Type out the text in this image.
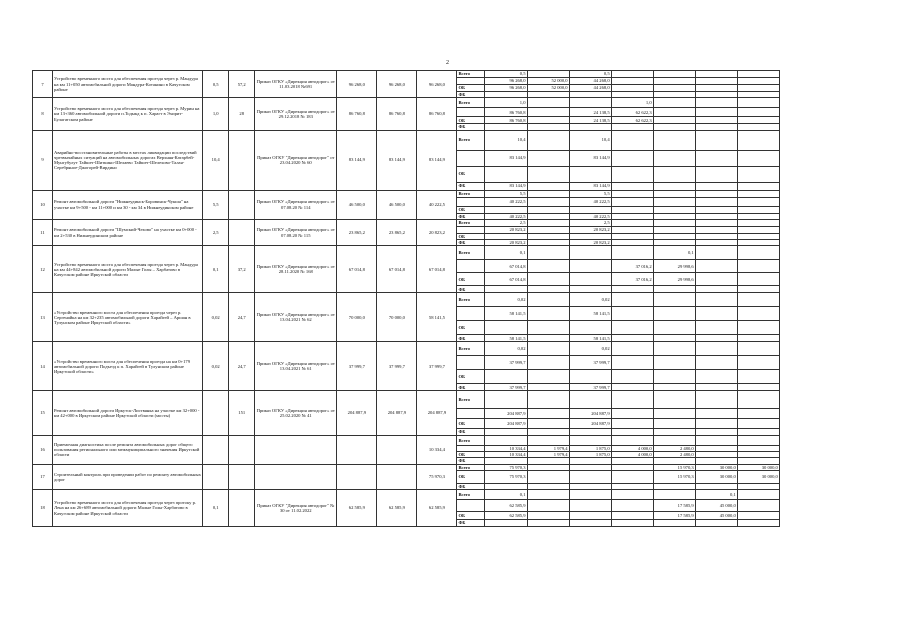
2
7	Устройство временного моста для обеспечения проезда через р. Мандура на км 11+050 автомобильной дороги Мандура-Котанино в Качугском районе	0,5	57,2	Приказ ОГКУ «Дирекция автодорог» от 11.03.2018 №691	96 268,0	96 268,0	96 268,0	Всего	0,5		0,5				
									96 268,0	52 000,0	44 268,0				
								ОБ	96 268,0	52 000,0	44 268,0				
								ФБ							
8	Устройство временного моста для обеспечения проезда через р. Мурин на км 13+360 автомобильной дороги п.Тодыкд к п. Харагт в Эхирит-Булагатском районе	1,0	28	Приказ ОГКУ «Дирекция автодорог» от 29.12.2018 № 183	86 760,8	86 760,8	86 760,8	Всего	1,0			1,0			
									86 760,8		24 138,5	62 622,3			
								ОБ	86 760,8		24 138,5	62 622,3			
								ФБ							
9	Аварийно-восстановительные работы в местах ликвидации последствий чрезвычайных ситуаций на автомобильных дорогах Верхняя-Катарбей-Мунгубулут Тайшет-Шиткино-Шелаево Тайшет-Шелехово-Талая-Серебряное-Джогорей-Вирдино	10,4		Приказ ОГКУ "Дирекция автодорог" от 23.04.2020 № 60	83 144,9	83 144,9	83 144,9	Всего	10,4		10,4				
									83 144,9		83 144,9				
								ОБ							
								ФБ	83 144,9		83 144,9				
10	Ремонт автомобильной дороги "Нижнеудинск-Боровинск-Чукша" на участке км 9+500 - км 11+000 и км 30 - км 34 в Нижнеудинском районе	5,5		Приказ ОГКУ «Дирекция автодорог» от 07.08.20 № 114	46 500,0	46 500,0	40 222,5	Всего	5,5		5,5				
									40 222,5		40 222,5				
								ОБ							
								ФБ	40 222,5		40 222,5				
11	Ремонт автомобильной дороги "Шумский-Чехово" на участке км 0+000 - км 2+530 в Нижнеудинском районе	2,5		Приказ ОГКУ «Дирекция автодорог» от 07.08.20 № 115	23 865,2	23 865,2	20 823,2	Всего	2,5		2,5				
									20 823,2		20 823,2				
								ОБ							
								ФБ	20 823,2		20 823,2				
12	Устройство временного моста для обеспечения проезда через р. Мандура на км 44+842 автомобильной дороги Малые Голы – Харбатово в Качугском районе Иркутской области	0,1	37,2	Приказ ОГКУ «Дирекция автодорог» от 28.11.2020 № 168	67 014,8	67 014,8	67 014,8	Всего	0,1				0,1		
									67 014,8			37 016,2	29 998,6		
								ОБ	67 014,8			37 016,2	29 998,6		
								ФБ							
13	«Устройство временного моста для обеспечения проезда через р. Сергенайка на км 32+235 автомобильной дороги Харайгей – Аршан в Тулунском районе Иркутской области»	0,02	24,7	Приказ ОГКУ «Дирекция автодорог» от 13.04.2021 № 62	70 000,0	70 000,0	58 141,5	Всего	0,02		0,02				
									58 141,5		58 141,5				
								ОБ							
								ФБ	58 141,5		58 141,5				
14	«Устройство временного моста для обеспечения проезда на км 0+179 автомобильной дороги Подъезд к п. Харайгей в Тулунском районе Иркутской области»	0,02	24,7	Приказ ОГКУ «Дирекция автодорог» от 13.04.2021 № 61	37 999,7	37 999,7	37 999,7	Всего	0,02		0,02				
									37 999,7		37 999,7				
								ОБ							
								ФБ	37 999,7		37 999,7				
15	Ремонт автомобильной дороги Иркутск-Листвянка на участке км 32+000 - км 42+000 в Иркутском районе Иркутской области (мосты)		151	Приказ ОГКУ «Дирекция автодорог» от 25.02.2020 № 41	204 887,9	204 887,9	204 887,9	Всего							
									204 887,9		204 887,9				
								ОБ	204 887,9		204 887,9				
								ФБ							
16	Приемочная диагностика после ремонта автомобильных дорог общего пользования регионального или межмуниципального значения Иркутской области						10 334,4	Всего							
									10 334,4	1 979,4	1 875,0	4 000,0	2 480,0		
								ОБ	10 334,4	1 979,4	1 875,0	4 000,0	2 480,0		
								ФБ							
17	Строительный контроль при проведении работ по ремонту автомобильных дорог						75 970,3	Всего	75 970,3				15 970,3	30 000,0	30 000,0
								ОБ	75 970,3				15 970,3	30 000,0	30 000,0
								ФБ							
18	Устройство временного моста для обеспечения проезда через протоку р. Лена на км 26+689 автомобильной дороги Малые Голы-Харбатово в Качугском районе Иркутской области	0,1		Приказ ОГКУ "Дирекция автодорог" № 30 от 11.02.2022	62 585,9	62 585,9	62 585,9	Всего	0,1					0,1	
									62 585,9				17 585,9	45 000,0	
								ОБ	62 585,9				17 585,9	45 000,0	
								ФБ							
